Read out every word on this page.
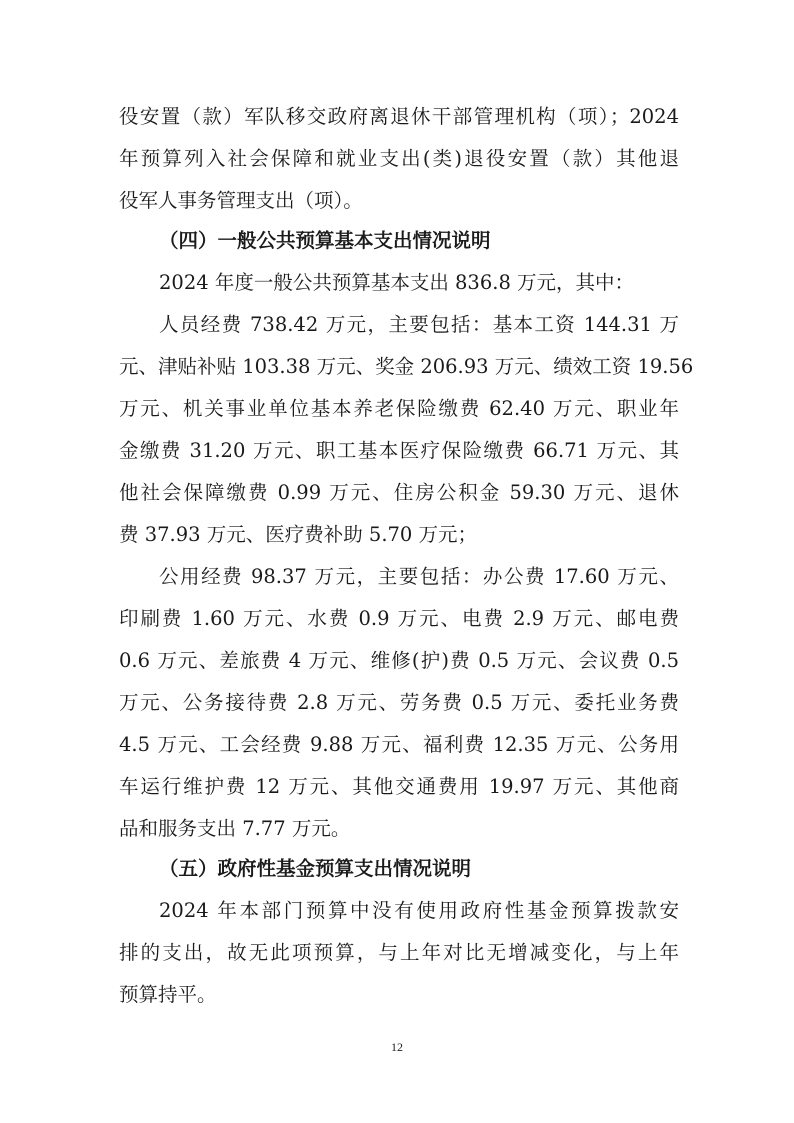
役安置（款）军队移交政府离退休干部管理机构（项）；2024
年预算列入社会保障和就业支出(类)退役安置（款）其他退
役军人事务管理支出（项）。
（四）一般公共预算基本支出情况说明
2024 年度一般公共预算基本支出 836.8 万元，其中：
人员经费 738.42 万元，主要包括：基本工资 144.31 万
元、津贴补贴 103.38 万元、奖金 206.93 万元、绩效工资 19.56
万元、机关事业单位基本养老保险缴费 62.40 万元、职业年
金缴费 31.20 万元、职工基本医疗保险缴费 66.71 万元、其
他社会保障缴费 0.99 万元、住房公积金 59.30 万元、退休
费 37.93 万元、医疗费补助 5.70 万元；
公用经费 98.37 万元，主要包括：办公费 17.60 万元、
印刷费 1.60 万元、水费 0.9 万元、电费 2.9 万元、邮电费
0.6 万元、差旅费 4 万元、维修(护)费 0.5 万元、会议费 0.5
万元、公务接待费 2.8 万元、劳务费 0.5 万元、委托业务费
4.5 万元、工会经费 9.88 万元、福利费 12.35 万元、公务用
车运行维护费 12 万元、其他交通费用 19.97 万元、其他商
品和服务支出 7.77 万元。
（五）政府性基金预算支出情况说明
2024 年本部门预算中没有使用政府性基金预算拨款安
排的支出，故无此项预算，与上年对比无增减变化，与上年
预算持平。
12
